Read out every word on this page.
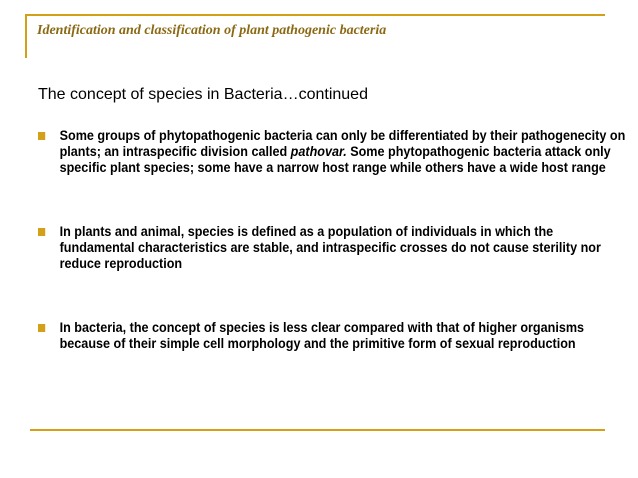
Identification and classification of plant pathogenic bacteria
The concept of species in Bacteria…continued
Some groups of phytopathogenic bacteria can only be differentiated by their pathogenecity on plants; an intraspecific division called pathovar. Some phytopathogenic bacteria attack only specific plant species; some have a narrow host range while others have a wide host range
In plants and animal, species is defined as a population of individuals in which the fundamental characteristics are stable, and intraspecific crosses do not cause sterility nor reduce reproduction
In bacteria, the concept of species is less clear compared with that of higher organisms because of their simple cell morphology and the primitive form of sexual reproduction
